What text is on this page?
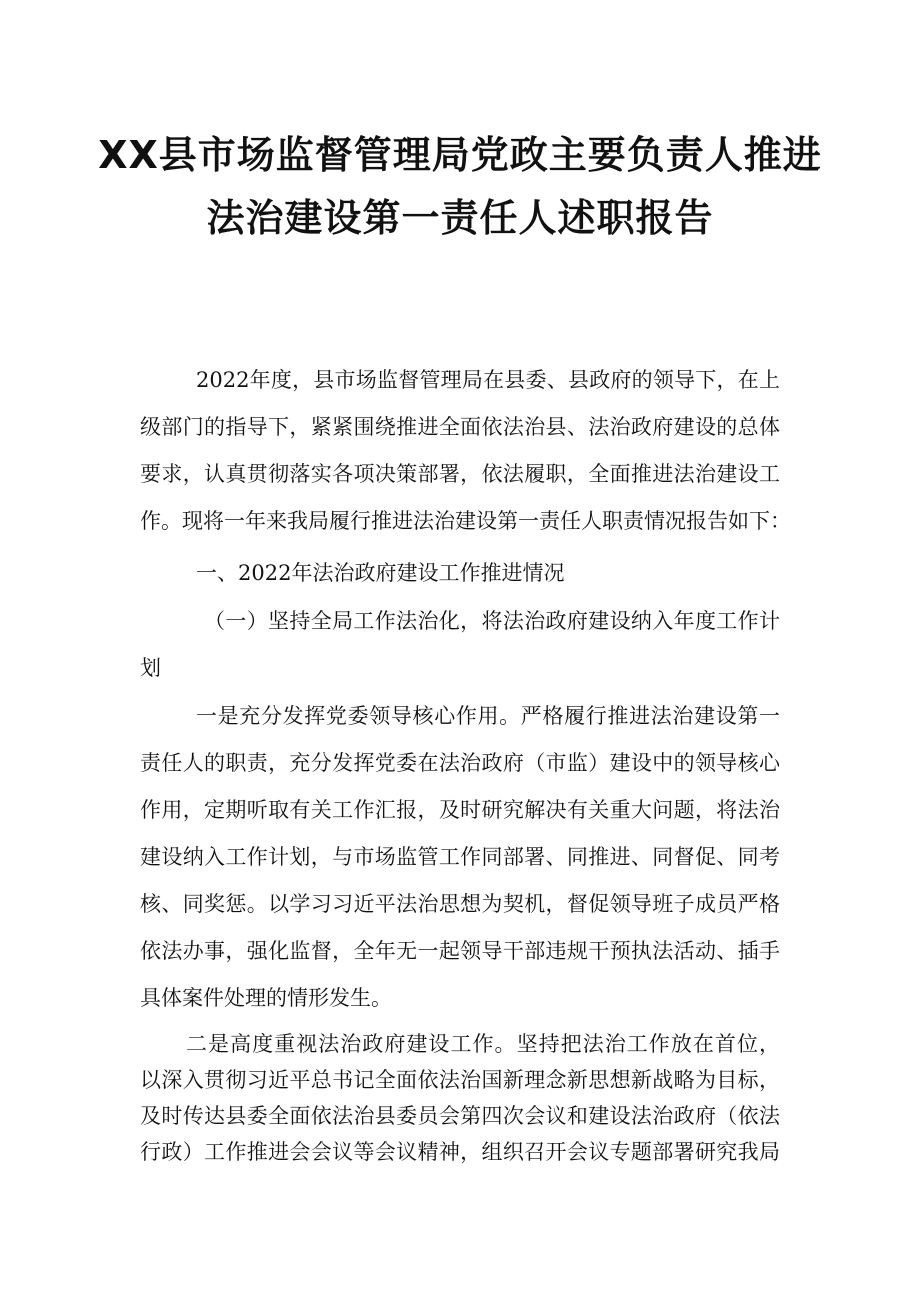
XX县市场监督管理局党政主要负责人推进
法治建设第一责任人述职报告
2022年度，县市场监督管理局在县委、县政府的领导下，在上
级部门的指导下，紧紧围绕推进全面依法治县、法治政府建设的总体
要求，认真贯彻落实各项决策部署，依法履职，全面推进法治建设工
作。现将一年来我局履行推进法治建设第一责任人职责情况报告如下：
一、2022年法治政府建设工作推进情况
（一）坚持全局工作法治化，将法治政府建设纳入年度工作计
划
一是充分发挥党委领导核心作用。严格履行推进法治建设第一
责任人的职责，充分发挥党委在法治政府（市监）建设中的领导核心
作用，定期听取有关工作汇报，及时研究解决有关重大问题，将法治
建设纳入工作计划，与市场监管工作同部署、同推进、同督促、同考
核、同奖惩。以学习习近平法治思想为契机，督促领导班子成员严格
依法办事，强化监督，全年无一起领导干部违规干预执法活动、插手
具体案件处理的情形发生。
二是高度重视法治政府建设工作。坚持把法治工作放在首位，
以深入贯彻习近平总书记全面依法治国新理念新思想新战略为目标，
及时传达县委全面依法治县委员会第四次会议和建设法治政府（依法
行政）工作推进会会议等会议精神，组织召开会议专题部署研究我局
